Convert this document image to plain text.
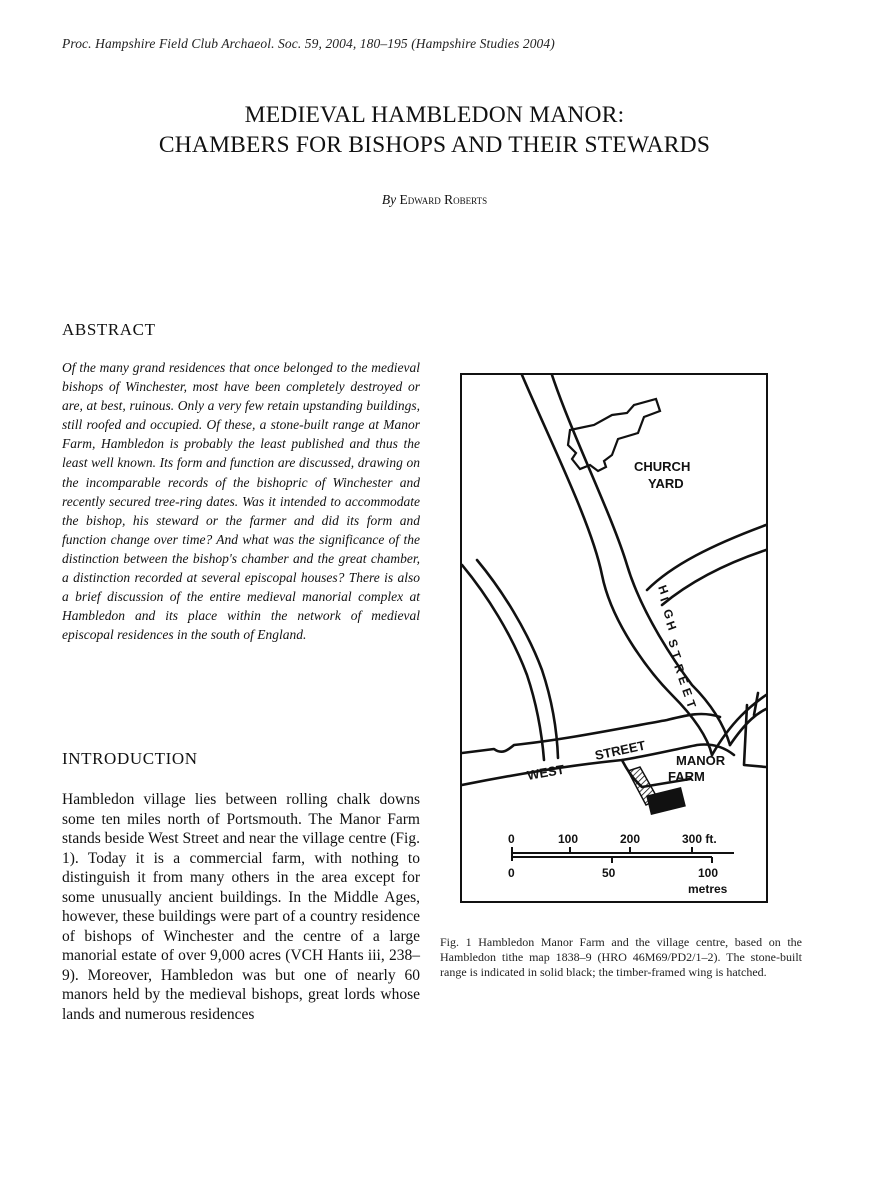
Proc. Hampshire Field Club Archaeol. Soc. 59, 2004, 180–195 (Hampshire Studies 2004)
MEDIEVAL HAMBLEDON MANOR:
CHAMBERS FOR BISHOPS AND THEIR STEWARDS
By Edward Roberts
ABSTRACT
Of the many grand residences that once belonged to the medieval bishops of Winchester, most have been completely destroyed or are, at best, ruinous. Only a very few retain upstanding buildings, still roofed and occupied. Of these, a stone-built range at Manor Farm, Hambledon is probably the least published and thus the least well known. Its form and function are discussed, drawing on the incomparable records of the bishopric of Winchester and recently secured tree-ring dates. Was it intended to accommodate the bishop, his steward or the farmer and did its form and function change over time? And what was the significance of the distinction between the bishop's chamber and the great chamber, a distinction recorded at several episcopal houses? There is also a brief discussion of the entire medieval manorial complex at Hambledon and its place within the network of medieval episcopal residences in the south of England.
INTRODUCTION
Hambledon village lies between rolling chalk downs some ten miles north of Portsmouth. The Manor Farm stands beside West Street and near the village centre (Fig. 1). Today it is a commercial farm, with nothing to distinguish it from many others in the area except for some unusually ancient buildings. In the Middle Ages, however, these buildings were part of a country residence of bishops of Winchester and the centre of a large manorial estate of over 9,000 acres (VCH Hants iii, 238–9). Moreover, Hambledon was but one of nearly 60 manors held by the medieval bishops, great lords whose lands and numerous residences
CHURCH
YARD
WEST
STREET MANOR
FARM
H
I
G
H
S
T
R
E
E
T
0	100	200	300 ft.
0	50	100
metres
Fig. 1 Hambledon Manor Farm and the village centre, based on the Hambledon tithe map 1838–9 (HRO 46M69/PD2/1–2). The stone-built range is indicated in solid black; the timber-framed wing is hatched.
